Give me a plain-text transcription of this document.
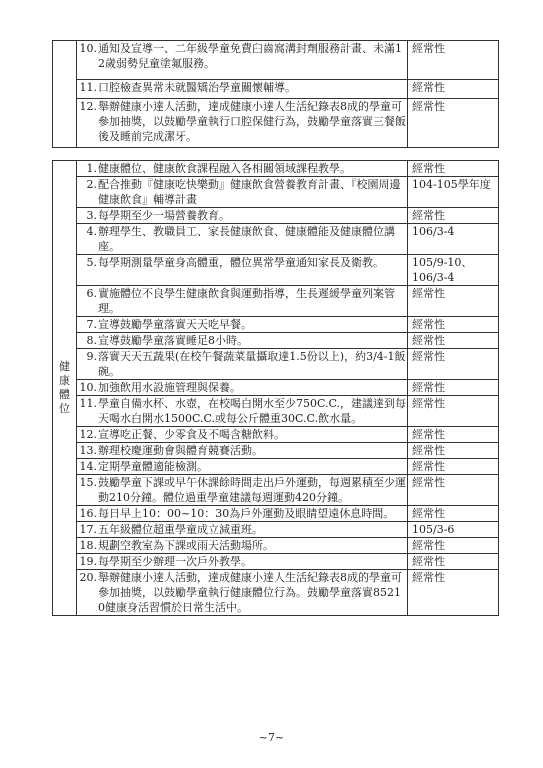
	10. 通知及宣導一、二年級學童免費臼齒窩溝封劑服務計畫、未滿12歲弱勢兒童塗氟服務。	經常性

	11. 口腔檢查異常未就醫矯治學童關懷輔導。	經常性

	12. 舉辦健康小達人活動，達成健康小達人生活紀錄表8成的學童可參加抽獎，以鼓勵學童執行口腔保健行為，鼓勵學童落實三餐飯後及睡前完成潔牙。	經常性
健康體位	1. 健康體位、健康飲食課程融入各相關領域課程教學。	經常性

	2. 配合推動『健康吃快樂動』健康飲食營養教育計畫、『校園周邊健康飲食』輔導計畫	104-105學年度

	3. 每學期至少一場營養教育。	經常性

	4. 辦理學生、教職員工、家長健康飲食、健康體能及健康體位講座。	106/3-4

	5. 每學期測量學童身高體重，體位異常學童通知家長及衛教。	105/9-10、106/3-4

	6. 實施體位不良學生健康飲食與運動指導，生長遲緩學童列案管理。	經常性

	7. 宣導鼓勵學童落實天天吃早餐。	經常性

	8. 宣導鼓勵學童落實睡足8小時。	經常性

	9. 落實天天五蔬果(在校午餐蔬菜量攝取達1.5份以上)，約3/4-1飯碗。	經常性

	10. 加強飲用水設施管理與保養。	經常性

	11. 學童自備水杯、水壺，在校喝白開水至少750C.C.，建議達到每天喝水白開水1500C.C.或每公斤體重30C.C.飲水量。	經常性

	12. 宣導吃正餐、少零食及不喝含糖飲料。	經常性

	13. 辦理校慶運動會與體育競賽活動。	經常性

	14. 定期學童體適能檢測。	經常性

	15. 鼓勵學童下課或早午休課餘時間走出戶外運動，每週累積至少運動210分鐘。體位過重學童建議每週運動420分鐘。	經常性

	16. 每日早上10：00~10：30為戶外運動及眼睛望遠休息時間。	經常性

	17. 五年級體位超重學童成立減重班。	105/3-6

	18. 規劃空教室為下課或雨天活動場所。	經常性

	19. 每學期至少辦理一次戶外教學。	經常性

	20. 舉辦健康小達人活動，達成健康小達人生活紀錄表8成的學童可參加抽獎，以鼓勵學童執行健康體位行為。鼓勵學童落實85210健康身活習慣於日常生活中。	經常性
~7~
